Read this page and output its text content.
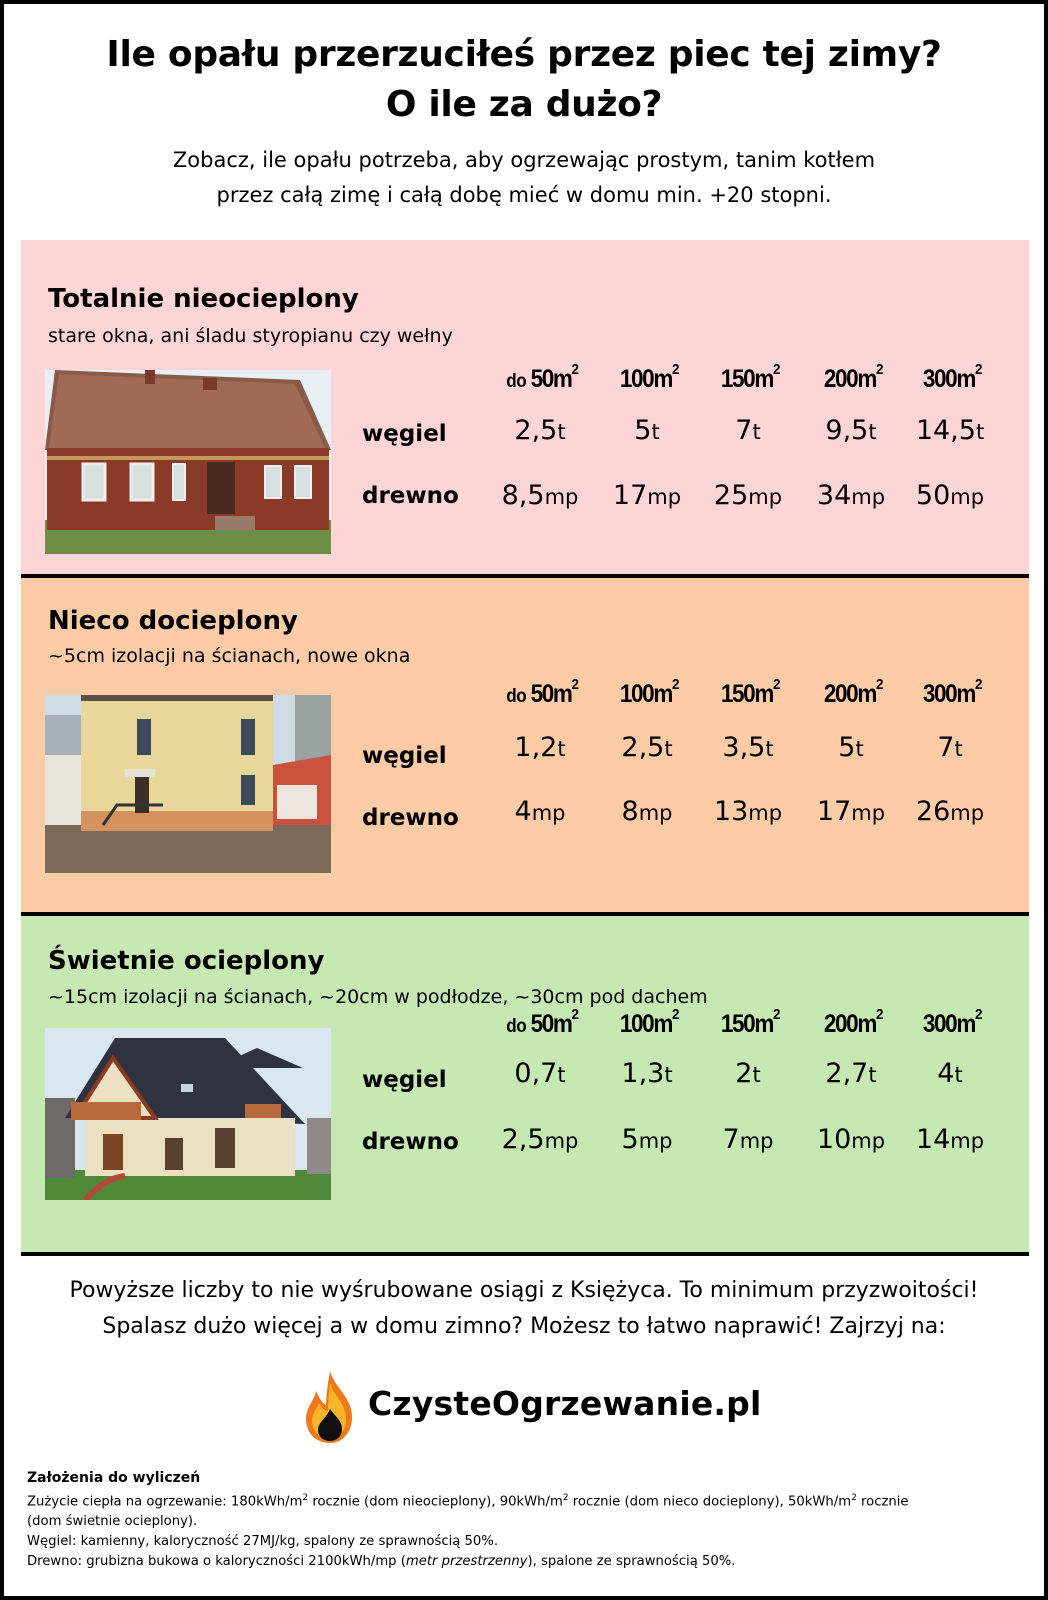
Ile opału przerzuciłeś przez piec tej zimy?
O ile za dużo?
Zobacz, ile opału potrzeba, aby ogrzewając prostym, tanim kotłem
przez całą zimę i całą dobę mieć w domu min. +20 stopni.
Totalnie nieocieplony
stare okna, ani śladu styropianu czy wełny
węgiel
drewno
do $50m^2$
2,5t
8,5mp
$100m^2$
5t
17mp
$150m^2$
7t
25mp
$200m^2$
9,5t
34mp
$300m^2$
14,5t
50mp
Nieco docieplony
~5cm izolacji na ścianach, nowe okna
węgiel
drewno
do $50m^2$
1,2t
4mp
$100m^2$
2,5t
8mp
$150m^2$
3,5t
13mp
$200m^2$
5t
17mp
$300m^2$
7t
26mp
Świetnie ocieplony
~15cm izolacji na ścianach, ~20cm w podłodze, ~30cm pod dachem
węgiel
drewno
do $50m^2$
0,7t
2,5mp
$100m^2$
1,3t
5mp
$150m^2$
2t
7mp
$200m^2$
2,7t
10mp
$300m^2$
4t
14mp
Powyższe liczby to nie wyśrubowane osiągi z Księżyca. To minimum przyzwoitości!
Spalasz dużo więcej a w domu zimno? Możesz to łatwo naprawić! Zajrzyj na:
CzysteOgrzewanie.pl
Założenia do wyliczeń
Zużycie ciepła na ogrzewanie: $180kWh/m^2$ rocznie (dom nieocieplony), $90kWh/m^2$ rocznie (dom nieco docieplony), $50kWh/m^2$ rocznie
(dom świetnie ocieplony).
Węgiel: kamienny, kaloryczność 27MJ/kg, spalony ze sprawnością 50%.
Drewno: grubizna bukowa o kaloryczności 2100kWh/mp (metr przestrzenny), spalone ze sprawnością 50%.
